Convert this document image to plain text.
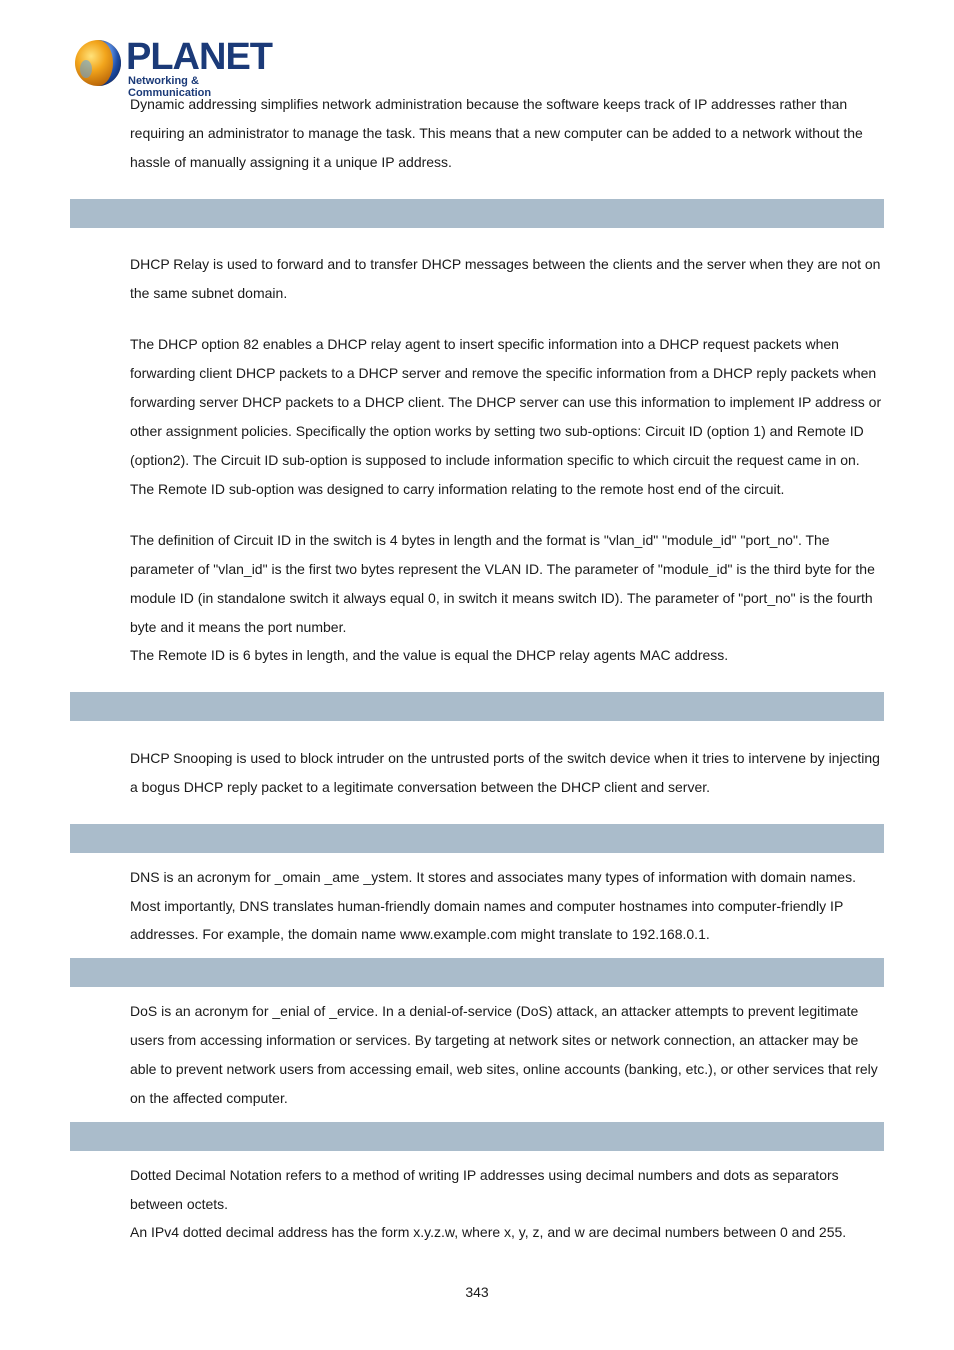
PLANET
Networking & Communication

Dynamic addressing simplifies network administration because the software keeps track of IP addresses rather than requiring an administrator to manage the task. This means that a new computer can be added to a network without the hassle of manually assigning it a unique IP address.

DHCP Relay is used to forward and to transfer DHCP messages between the clients and the server when they are not on the same subnet domain.

The DHCP option 82 enables a DHCP relay agent to insert specific information into a DHCP request packets when forwarding client DHCP packets to a DHCP server and remove the specific information from a DHCP reply packets when forwarding server DHCP packets to a DHCP client. The DHCP server can use this information to implement IP address or other assignment policies. Specifically the option works by setting two sub-options: Circuit ID (option 1) and Remote ID (option2). The Circuit ID sub-option is supposed to include information specific to which circuit the request came in on. The Remote ID sub-option was designed to carry information relating to the remote host end of the circuit.

The definition of Circuit ID in the switch is 4 bytes in length and the format is "vlan_id" "module_id" "port_no". The parameter of "vlan_id" is the first two bytes represent the VLAN ID. The parameter of "module_id" is the third byte for the module ID (in standalone switch it always equal 0, in switch it means switch ID). The parameter of "port_no" is the fourth byte and it means the port number.

The Remote ID is 6 bytes in length, and the value is equal the DHCP relay agents MAC address.

DHCP Snooping is used to block intruder on the untrusted ports of the switch device when it tries to intervene by injecting a bogus DHCP reply packet to a legitimate conversation between the DHCP client and server.

DNS is an acronym for _omain _ame _ystem. It stores and associates many types of information with domain names. Most importantly, DNS translates human-friendly domain names and computer hostnames into computer-friendly IP addresses. For example, the domain name www.example.com might translate to 192.168.0.1.

DoS is an acronym for _enial of _ervice. In a denial-of-service (DoS) attack, an attacker attempts to prevent legitimate users from accessing information or services. By targeting at network sites or network connection, an attacker may be able to prevent network users from accessing email, web sites, online accounts (banking, etc.), or other services that rely on the affected computer.

Dotted Decimal Notation refers to a method of writing IP addresses using decimal numbers and dots as separators between octets.

An IPv4 dotted decimal address has the form x.y.z.w, where x, y, z, and w are decimal numbers between 0 and 255.

343
